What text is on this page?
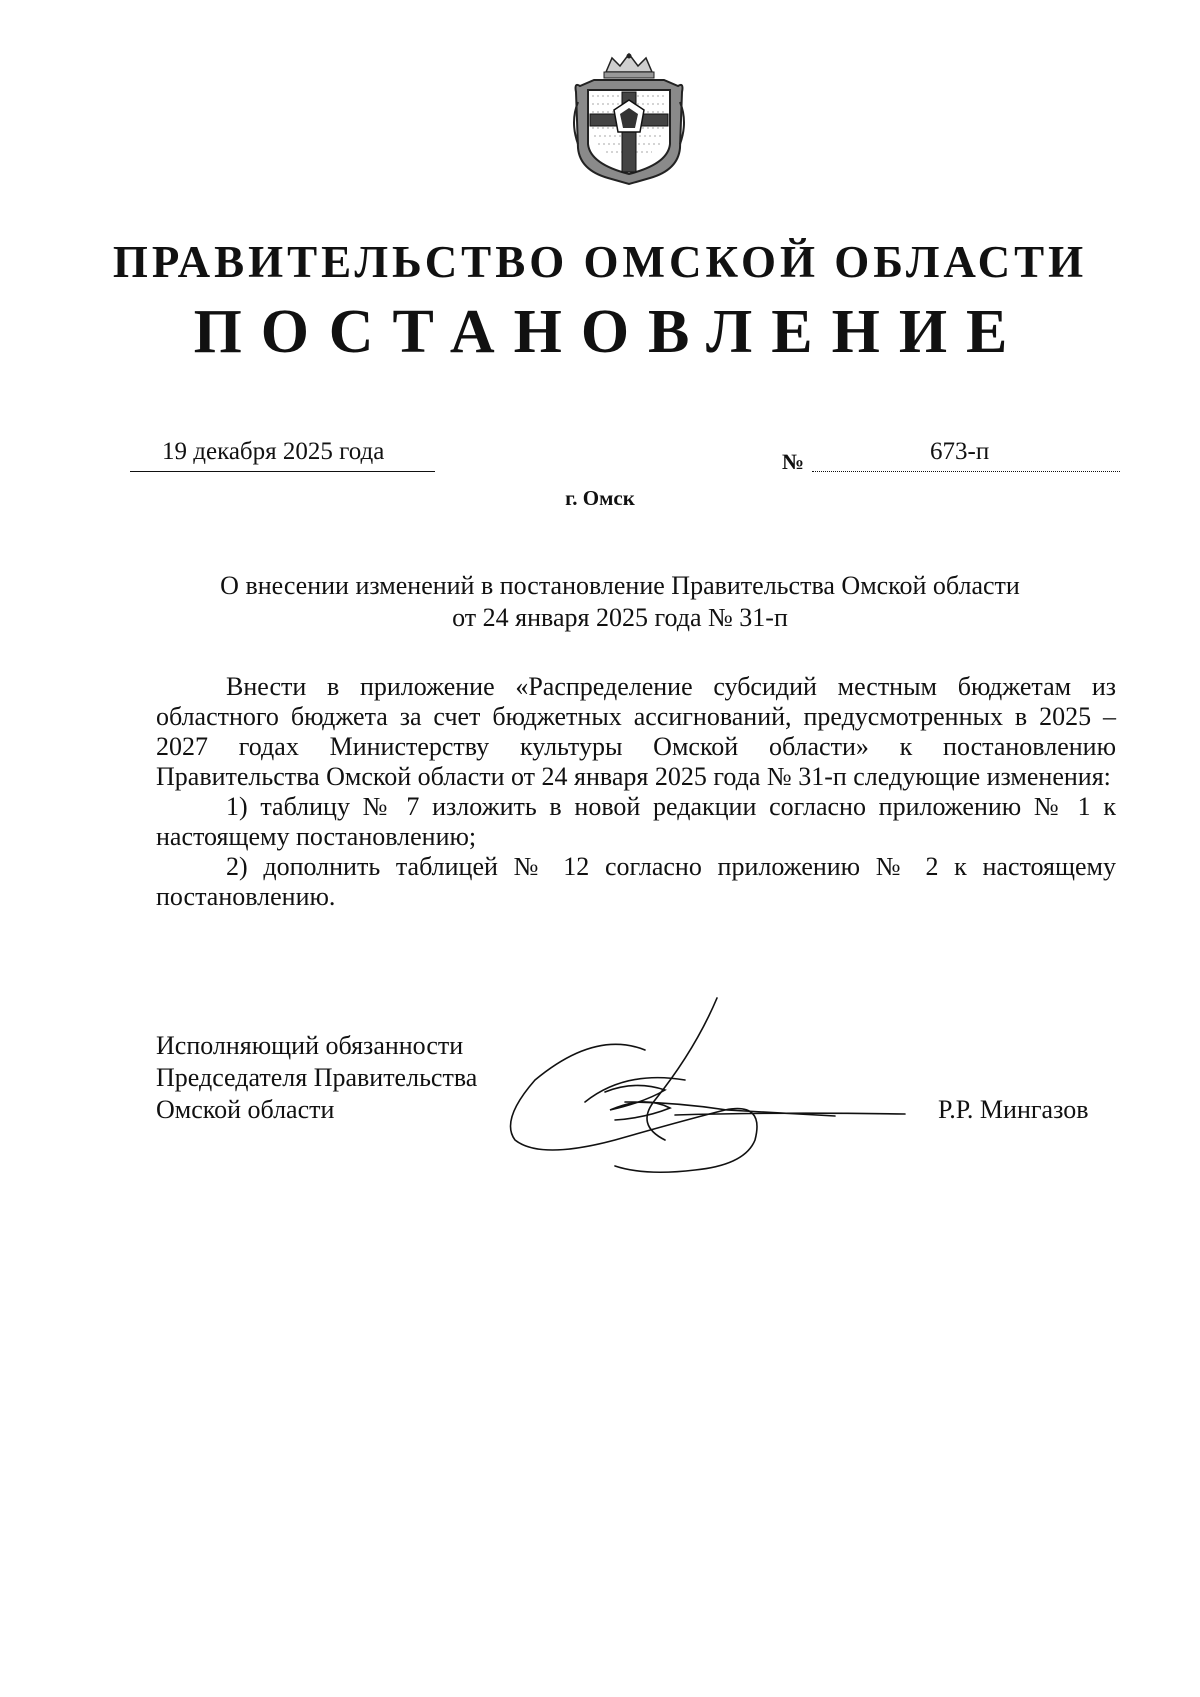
ПРАВИТЕЛЬСТВО ОМСКОЙ ОБЛАСТИ
ПОСТАНОВЛЕНИЕ
19 декабря 2025 года	№	673-п
г. Омск
О внесении изменений в постановление Правительства Омской области
от 24 января 2025 года № 31-п

Внести в приложение «Распределение субсидий местным бюджетам из областного бюджета за счет бюджетных ассигнований, предусмотренных в 2025 – 2027 годах Министерству культуры Омской области» к постановлению Правительства Омской области от 24 января 2025 года № 31-п следующие изменения:

1) таблицу № 7 изложить в новой редакции согласно приложению № 1 к настоящему постановлению;

2) дополнить таблицей № 12 согласно приложению № 2 к настоящему постановлению.

Исполняющий обязанности
Председателя Правительства
Омской области	Р.Р. Мингазов
